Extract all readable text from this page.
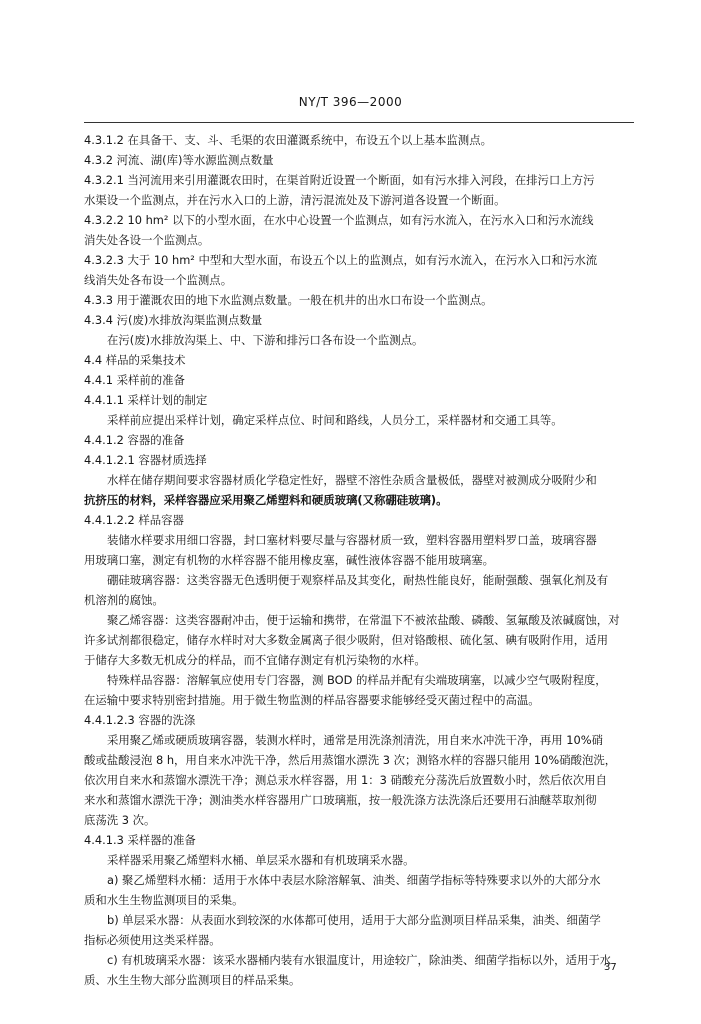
NY/T 396—2000
4.3.1.2 在具备干、支、斗、毛渠的农田灌溉系统中，布设五个以上基本监测点。
4.3.2 河流、湖(库)等水源监测点数量
4.3.2.1 当河流用来引用灌溉农田时，在渠首附近设置一个断面，如有污水排入河段，在排污口上方污
水渠设一个监测点，并在污水入口的上游，清污混流处及下游河道各设置一个断面。
4.3.2.2 10 hm² 以下的小型水面，在水中心设置一个监测点，如有污水流入，在污水入口和污水流线
消失处各设一个监测点。
4.3.2.3 大于 10 hm² 中型和大型水面，布设五个以上的监测点，如有污水流入，在污水入口和污水流
线消失处各布设一个监测点。
4.3.3 用于灌溉农田的地下水监测点数量。一般在机井的出水口布设一个监测点。
4.3.4 污(废)水排放沟渠监测点数量
在污(废)水排放沟渠上、中、下游和排污口各布设一个监测点。
4.4 样品的采集技术
4.4.1 采样前的准备
4.4.1.1 采样计划的制定
采样前应提出采样计划，确定采样点位、时间和路线，人员分工，采样器材和交通工具等。
4.4.1.2 容器的准备
4.4.1.2.1 容器材质选择
水样在储存期间要求容器材质化学稳定性好，器壁不溶性杂质含量极低，器壁对被测成分吸附少和
抗挤压的材料，采样容器应采用聚乙烯塑料和硬质玻璃(又称硼硅玻璃)。
4.4.1.2.2 样品容器
装储水样要求用细口容器，封口塞材料要尽量与容器材质一致，塑料容器用塑料罗口盖，玻璃容器
用玻璃口塞，测定有机物的水样容器不能用橡皮塞，碱性液体容器不能用玻璃塞。
硼硅玻璃容器：这类容器无色透明便于观察样品及其变化，耐热性能良好，能耐强酸、强氧化剂及有
机溶剂的腐蚀。
聚乙烯容器：这类容器耐冲击，便于运输和携带，在常温下不被浓盐酸、磷酸、氢氟酸及浓碱腐蚀，对
许多试剂都很稳定，储存水样时对大多数金属离子很少吸附，但对铬酸根、硫化氢、碘有吸附作用，适用
于储存大多数无机成分的样品，而不宜储存测定有机污染物的水样。
特殊样品容器：溶解氧应使用专门容器，测 BOD 的样品并配有尖端玻璃塞，以减少空气吸附程度，
在运输中要求特别密封措施。用于微生物监测的样品容器要求能够经受灭菌过程中的高温。
4.4.1.2.3 容器的洗涤
采用聚乙烯或硬质玻璃容器，装测水样时，通常是用洗涤剂清洗，用自来水冲洗干净，再用 10%硝
酸或盐酸浸泡 8 h，用自来水冲洗干净，然后用蒸馏水漂洗 3 次；测铬水样的容器只能用 10%硝酸泡洗，
依次用自来水和蒸馏水漂洗干净；测总汞水样容器，用 1：3 硝酸充分荡洗后放置数小时，然后依次用自
来水和蒸馏水漂洗干净；测油类水样容器用广口玻璃瓶，按一般洗涤方法洗涤后还要用石油醚萃取剂彻
底荡洗 3 次。
4.4.1.3 采样器的准备
采样器采用聚乙烯塑料水桶、单层采水器和有机玻璃采水器。
a) 聚乙烯塑料水桶：适用于水体中表层水除溶解氧、油类、细菌学指标等特殊要求以外的大部分水
质和水生生物监测项目的采集。
b) 单层采水器：从表面水到较深的水体都可使用，适用于大部分监测项目样品采集，油类、细菌学
指标必须使用这类采样器。
c) 有机玻璃采水器：该采水器桶内装有水银温度计，用途较广，除油类、细菌学指标以外，适用于水
质、水生生物大部分监测项目的样品采集。
37
